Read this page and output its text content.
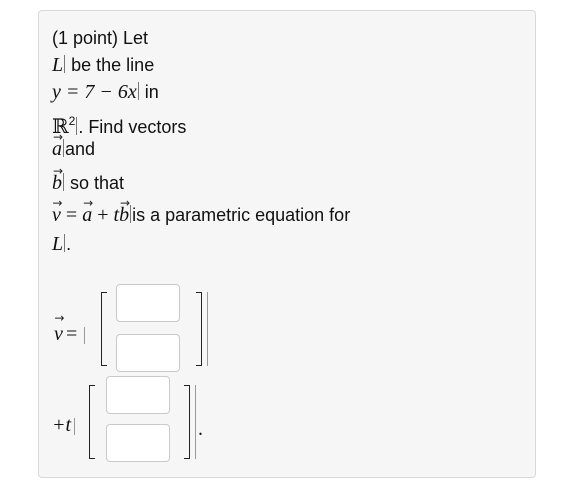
(1 point) Let
L be the line
y = 7 − 6x in
ℝ$^2$ . Find vectors
→ a and
→ b so that
→ v = → a + t→ b is a parametric equation for
L .
→ v =
+t	.
